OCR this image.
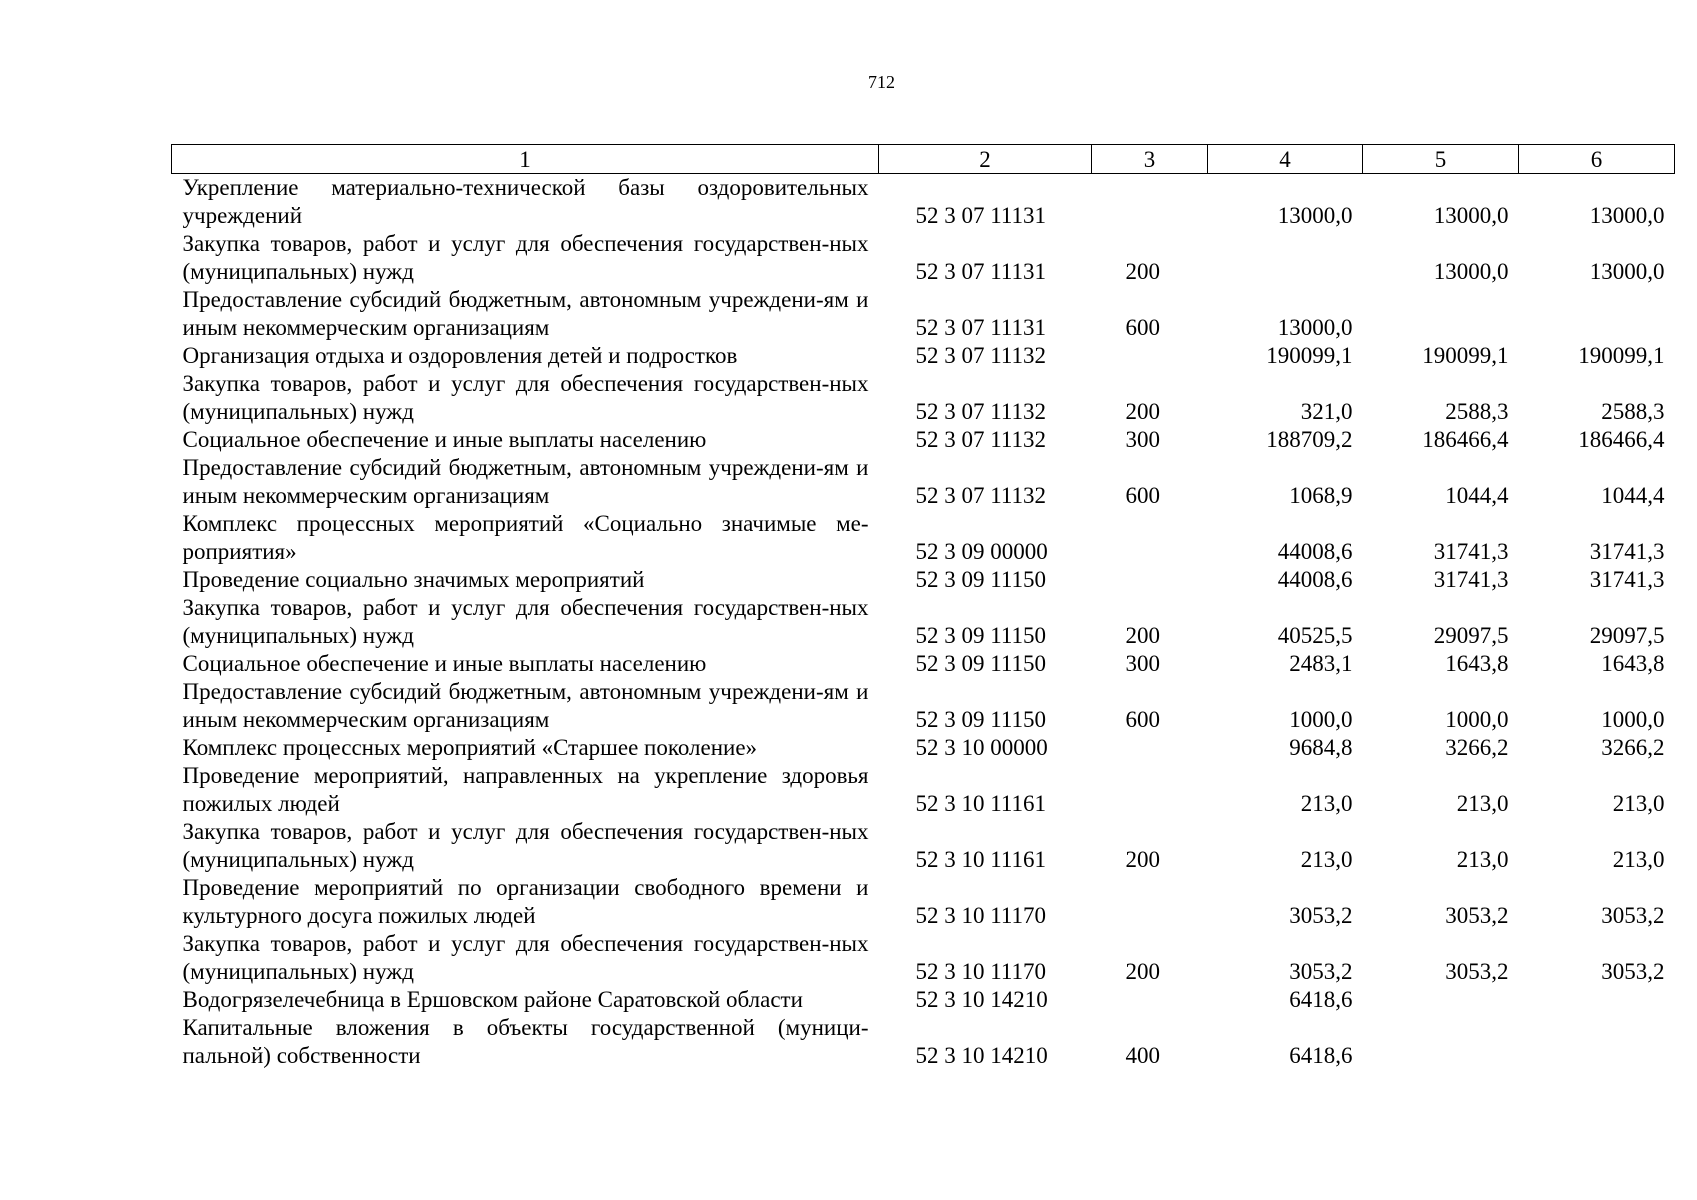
712
1	2	3	4	5	6
Укрепление материально-технической базы оздоровительных учреждений	52 3 07 11131		13000,0	13000,0	13000,0
Закупка товаров, работ и услуг для обеспечения государствен-ных (муниципальных) нужд	52 3 07 11131	200		13000,0	13000,0
Предоставление субсидий бюджетным, автономным учреждени-ям и иным некоммерческим организациям	52 3 07 11131	600	13000,0		
Организация отдыха и оздоровления детей и подростков	52 3 07 11132		190099,1	190099,1	190099,1
Закупка товаров, работ и услуг для обеспечения государствен-ных (муниципальных) нужд	52 3 07 11132	200	321,0	2588,3	2588,3
Социальное обеспечение и иные выплаты населению	52 3 07 11132	300	188709,2	186466,4	186466,4
Предоставление субсидий бюджетным, автономным учреждени-ям и иным некоммерческим организациям	52 3 07 11132	600	1068,9	1044,4	1044,4
Комплекс процессных мероприятий «Социально значимые ме-роприятия»	52 3 09 00000		44008,6	31741,3	31741,3
Проведение социально значимых мероприятий	52 3 09 11150		44008,6	31741,3	31741,3
Закупка товаров, работ и услуг для обеспечения государствен-ных (муниципальных) нужд	52 3 09 11150	200	40525,5	29097,5	29097,5
Социальное обеспечение и иные выплаты населению	52 3 09 11150	300	2483,1	1643,8	1643,8
Предоставление субсидий бюджетным, автономным учреждени-ям и иным некоммерческим организациям	52 3 09 11150	600	1000,0	1000,0	1000,0
Комплекс процессных мероприятий «Старшее поколение»	52 3 10 00000		9684,8	3266,2	3266,2
Проведение мероприятий, направленных на укрепление здоровья пожилых людей	52 3 10 11161		213,0	213,0	213,0
Закупка товаров, работ и услуг для обеспечения государствен-ных (муниципальных) нужд	52 3 10 11161	200	213,0	213,0	213,0
Проведение мероприятий по организации свободного времени и культурного досуга пожилых людей	52 3 10 11170		3053,2	3053,2	3053,2
Закупка товаров, работ и услуг для обеспечения государствен-ных (муниципальных) нужд	52 3 10 11170	200	3053,2	3053,2	3053,2
Водогрязелечебница в Ершовском районе Саратовской области	52 3 10 14210		6418,6		
Капитальные вложения в объекты государственной (муници-пальной) собственности	52 3 10 14210	400	6418,6		
